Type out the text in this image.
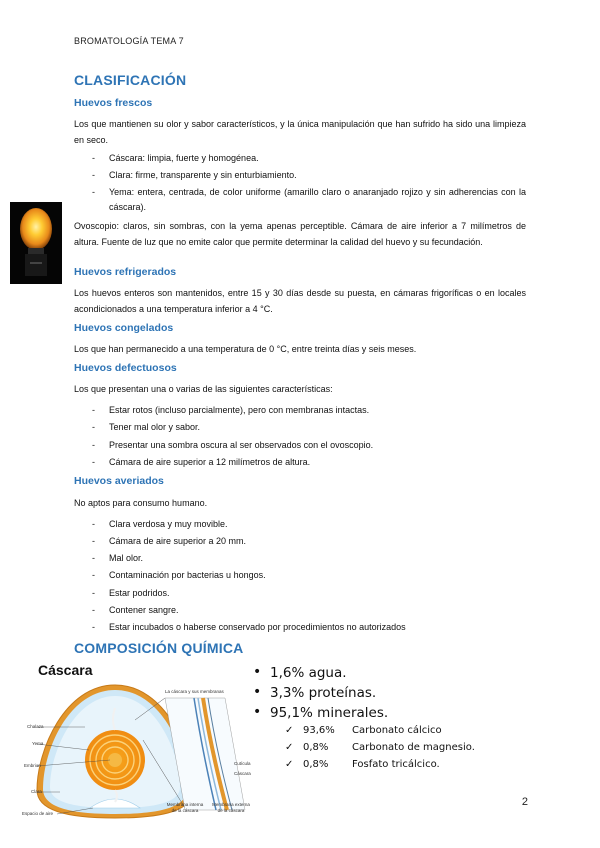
BROMATOLOGÍA TEMA 7
CLASIFICACIÓN
Huevos frescos
Los que mantienen su olor y sabor característicos, y la única manipulación que han sufrido ha sido una limpieza en seco.
- Cáscara: limpia, fuerte y homogénea.
- Clara: firme, transparente y sin enturbiamiento.
- Yema: entera, centrada, de color uniforme (amarillo claro o anaranjado rojizo y sin adherencias con la cáscara).
Ovoscopio: claros, sin sombras, con la yema apenas perceptible. Cámara de aire inferior a 7 milímetros de altura. Fuente de luz que no emite calor que permite determinar la calidad del huevo y su fecundación.
Huevos refrigerados
Los huevos enteros son mantenidos, entre 15 y 30 días desde su puesta, en cámaras frigoríficas o en locales acondicionados a una temperatura inferior a 4 °C.
Huevos congelados
Los que han permanecido a una temperatura de 0 °C, entre treinta días y seis meses.
Huevos defectuosos
Los que presentan una o varias de las siguientes características:
- Estar rotos (incluso parcialmente), pero con membranas intactas.
- Tener mal olor y sabor.
- Presentar una sombra oscura al ser observados con el ovoscopio.
- Cámara de aire superior a 12 milímetros de altura.
Huevos averiados
No aptos para consumo humano.
- Clara verdosa y muy movible.
- Cámara de aire superior a 20 mm.
- Mal olor.
- Contaminación por bacterias u hongos.
- Estar podridos.
- Contener sangre.
- Estar incubados o haberse conservado por procedimientos no autorizados
COMPOSICIÓN QUÍMICA
Cáscara
Chalaza
Yema
Embrion
Clara
Espacio de aire
La cáscara y sus membranas
Cutícula
Cáscara
Membrana interna de la cáscara
Membrana externa de la cáscara
• 1,6% agua.
• 3,3% proteínas.
• 95,1% minerales.
✓ 93,6% Carbonato cálcico
✓ 0,8% Carbonato de magnesio.
✓ 0,8% Fosfato tricálcico.
2
